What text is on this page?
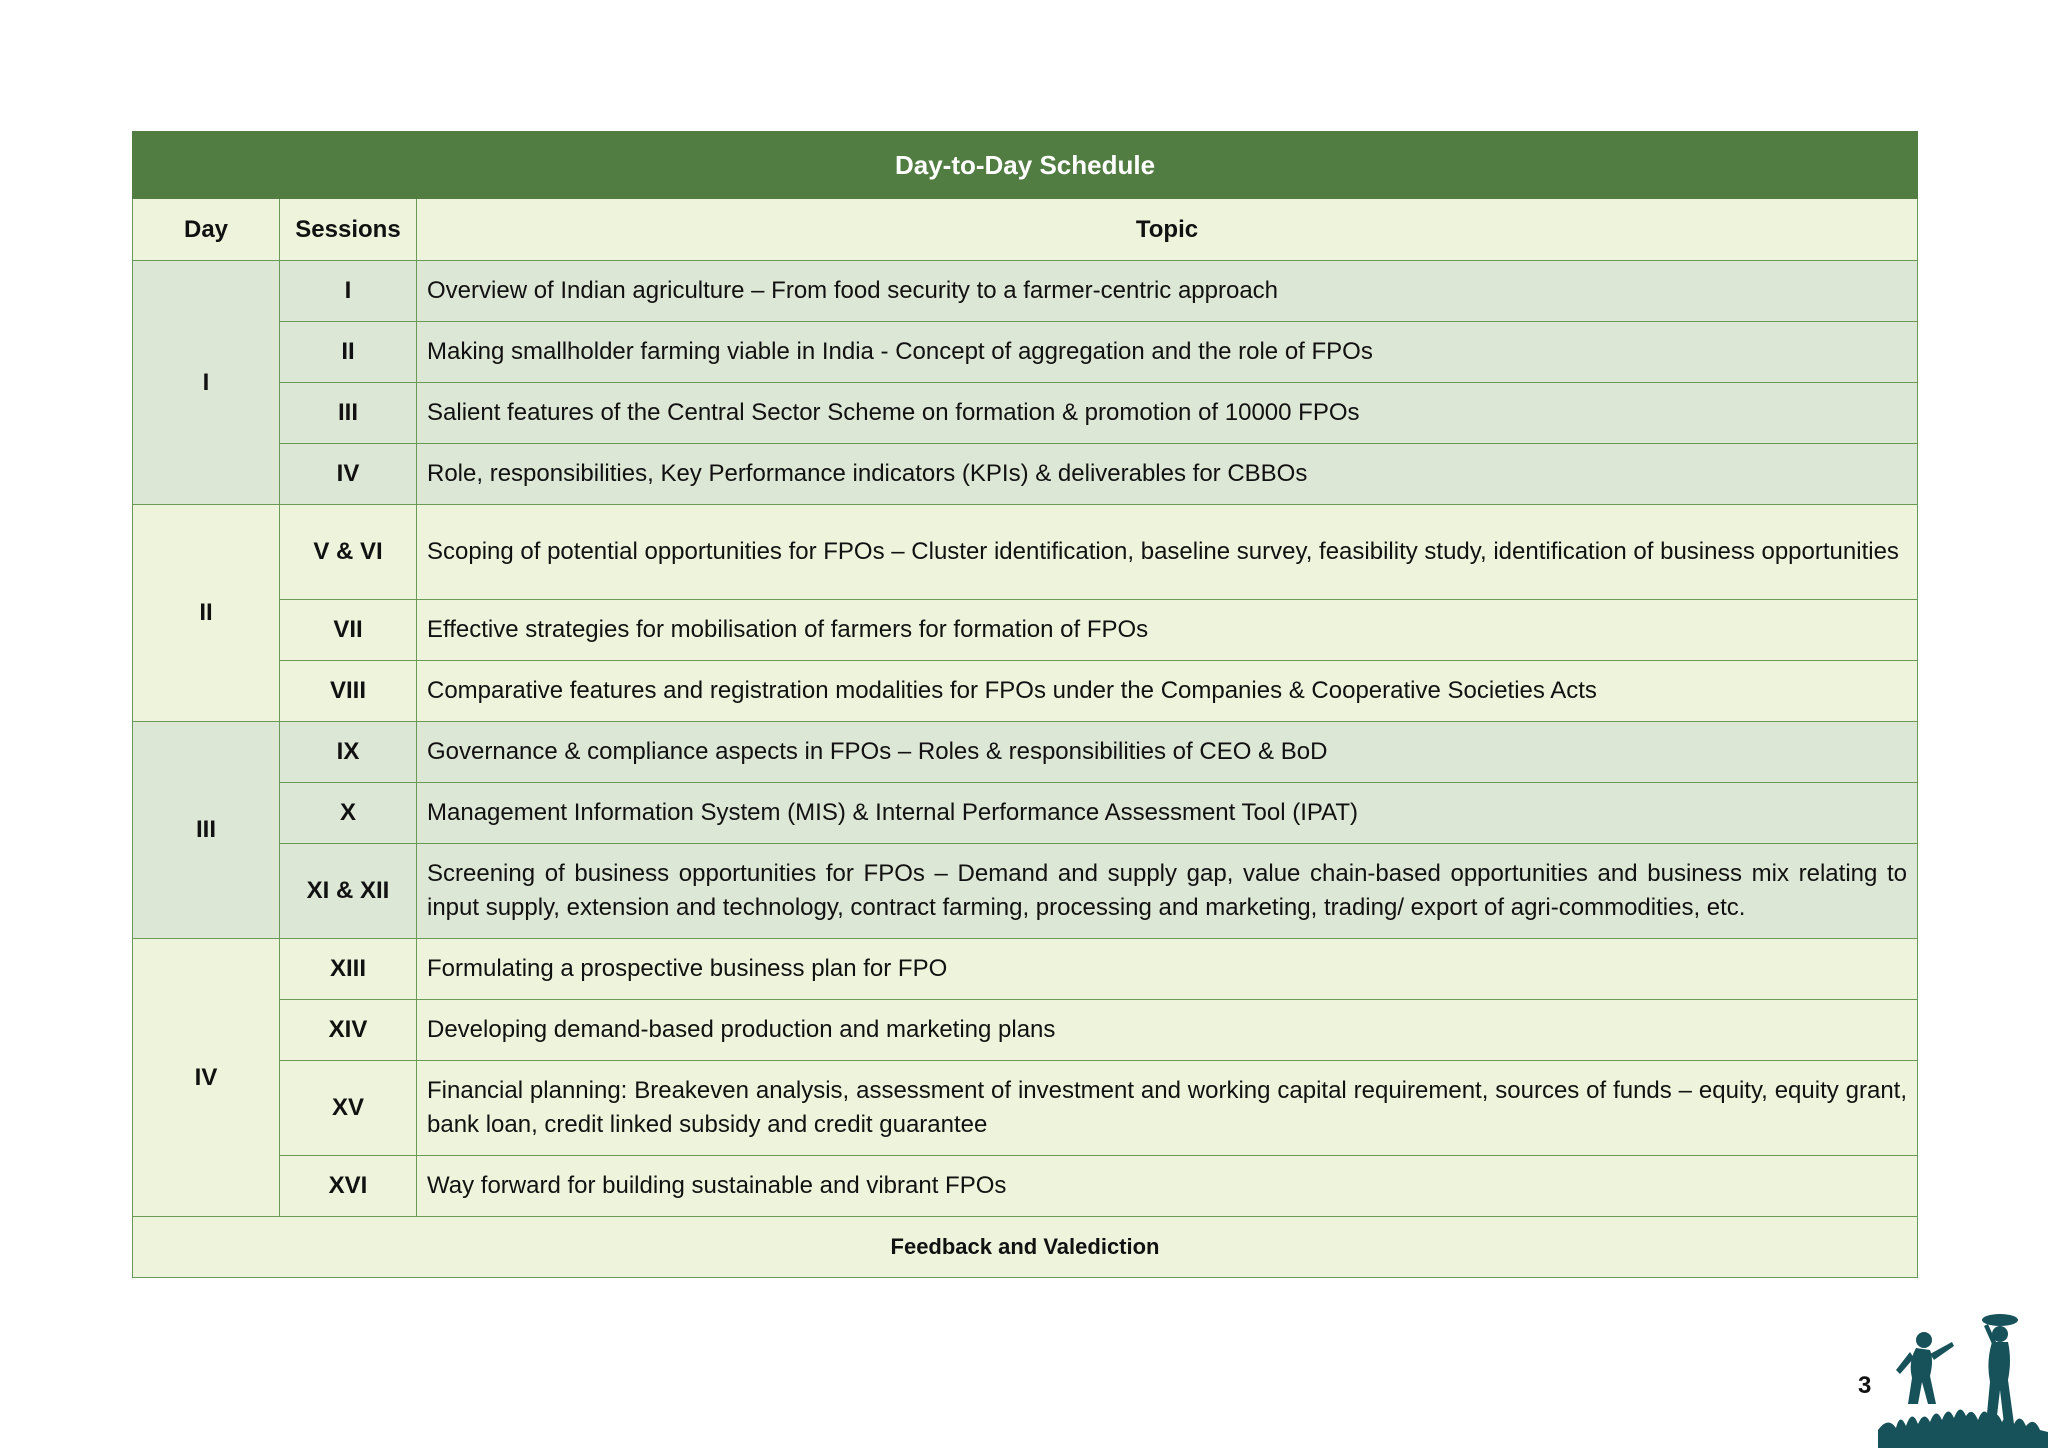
Day-to-Day Schedule		
Day	Sessions	Topic
I	I	Overview of Indian agriculture – From food security to a farmer-centric approach
	II	Making smallholder farming viable in India - Concept of aggregation and the role of FPOs
	III	Salient features of the Central Sector Scheme on formation & promotion of 10000 FPOs
	IV	Role, responsibilities, Key Performance indicators (KPIs) & deliverables for CBBOs
II	V & VI	Scoping of potential opportunities for FPOs – Cluster identification, baseline survey, feasibility study, identification of business opportunities
	VII	Effective strategies for mobilisation of farmers for formation of FPOs
	VIII	Comparative features and registration modalities for FPOs under the Companies & Cooperative Societies Acts
III	IX	Governance & compliance aspects in FPOs – Roles & responsibilities of CEO & BoD
	X	Management Information System (MIS) & Internal Performance Assessment Tool (IPAT)
	XI & XII	Screening of business opportunities for FPOs – Demand and supply gap, value chain-based opportunities and business mix relating to input supply, extension and technology, contract farming, processing and marketing, trading/ export of agri-commodities, etc.
IV	XIII	Formulating a prospective business plan for FPO
	XIV	Developing demand-based production and marketing plans
	XV	Financial planning: Breakeven analysis, assessment of investment and working capital requirement, sources of funds – equity, equity grant, bank loan, credit linked subsidy and credit guarantee
	XVI	Way forward for building sustainable and vibrant FPOs
Feedback and Valediction		
3
